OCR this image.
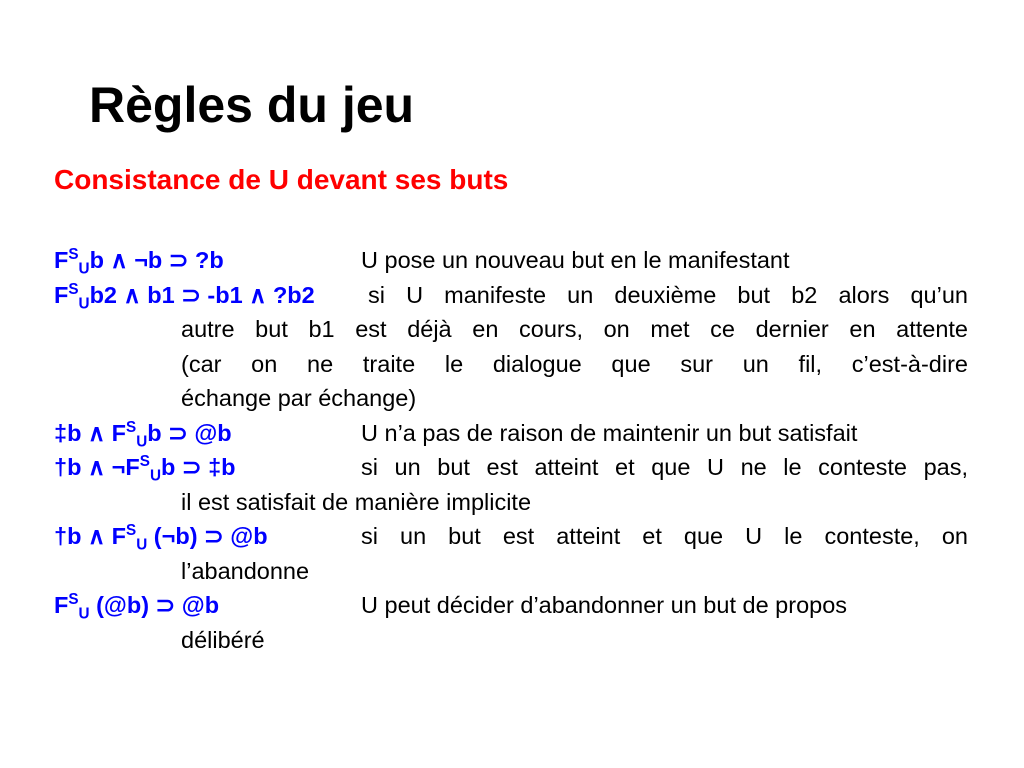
Règles du jeu
Consistance de U devant ses buts
$F^S_Ub$ ∧ ¬b ⊃ ?b	U pose un nouveau but en le manifestant
$F^S_Ub2$ ∧ b1 ⊃ -b1 ∧ ?b2 si U manifeste un deuxième but b2 alors qu’un
autre but b1 est déjà en cours, on met ce dernier en attente
(car on ne traite le dialogue que sur un fil, c’est-à-dire
échange par échange)
‡b ∧ $F^S_Ub$ ⊃ @b	U n’a pas de raison de maintenir un but satisfait
†b ∧ $\neg F^S_Ub$ ⊃ ‡b	si un but est atteint et que U ne le conteste pas,
il est satisfait de manière implicite
†b ∧ $F^S_U$ (¬b) ⊃ @b	si un but est atteint et que U le conteste, on
l’abandonne
$F^S_U$ (@b) ⊃ @b	U peut décider d’abandonner un but de propos
délibéré
